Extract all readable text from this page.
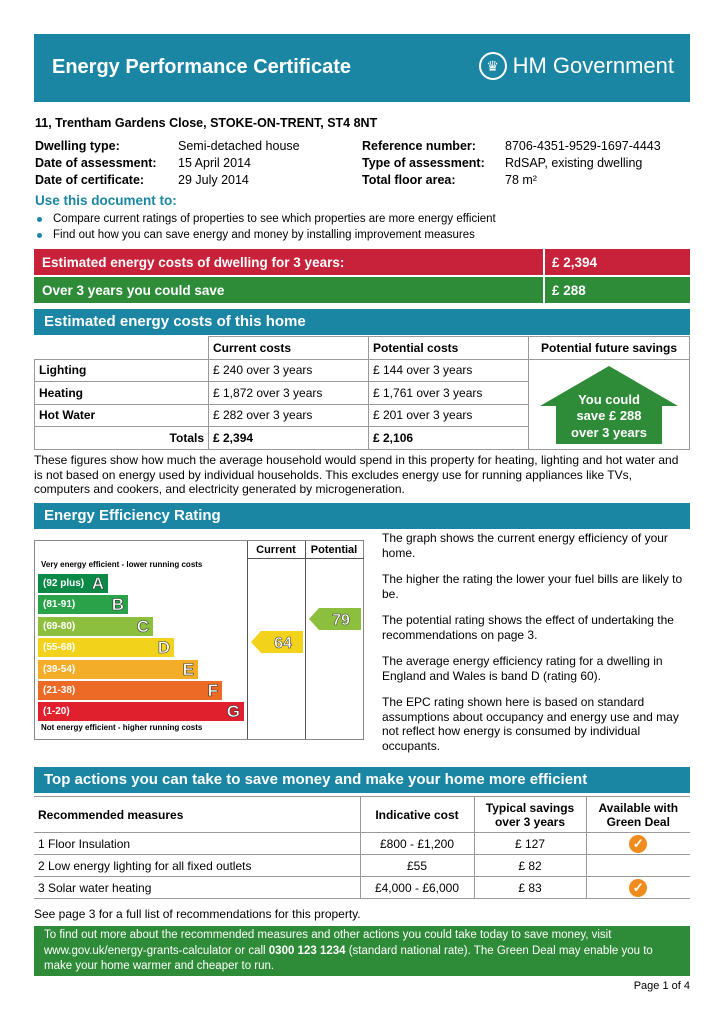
Energy Performance Certificate	♛ HM Government
11, Trentham Gardens Close, STOKE-ON-TRENT, ST4 8NT
Dwelling type:	Semi-detached house
Date of assessment: 15 April 2014
Date of certificate:	29 July 2014
Reference number: 8706-4351-9529-1697-4443
Type of assessment: RdSAP, existing dwelling
Total floor area:	78 m²
Use this document to:
Compare current ratings of properties to see which properties are more energy efficient
Find out how you can save energy and money by installing improvement measures
Estimated energy costs of dwelling for 3 years:	£ 2,394
Over 3 years you could save	£ 288
Estimated energy costs of this home
	Current costs	Potential costs	Potential future savings
Lighting	£ 240 over 3 years	£ 144 over 3 years	
Heating	£ 1,872 over 3 years	£ 1,761 over 3 years	
Hot Water	£ 282 over 3 years	£ 201 over 3 years	
Totals	£ 2,394	£ 2,106	
You could
save £ 288
over 3 years
These figures show how much the average household would spend in this property for heating, lighting and hot water and is not based on energy used by individual households. This excludes energy use for running appliances like TVs, computers and cookers, and electricity generated by microgeneration.
Energy Efficiency Rating
Current	Potential
Very energy efficient - lower running costs
(92 plus) A
(81-91) B
(69-80)	C
(55-68)	D
(39-54)	E
(21-38)	F
(1-20)	G
Not energy efficient - higher running costs
64
79

The graph shows the current energy efficiency of your home.

The higher the rating the lower your fuel bills are likely to be.

The potential rating shows the effect of undertaking the recommendations on page 3.

The average energy efficiency rating for a dwelling in England and Wales is band D (rating 60).

The EPC rating shown here is based on standard assumptions about occupancy and energy use and may not reflect how energy is consumed by individual occupants.

Top actions you can take to save money and make your home more efficient
Recommended measures	Indicative cost	Typical savings over 3 years	Available with Green Deal
1 Floor Insulation	£800 - £1,200	£ 127	✓
2 Low energy lighting for all fixed outlets	£55	£ 82	
3 Solar water heating	£4,000 - £6,000	£ 83	✓
See page 3 for a full list of recommendations for this property.
To find out more about the recommended measures and other actions you could take today to save money, visit www.gov.uk/energy-grants-calculator or call 0300 123 1234 (standard national rate). The Green Deal may enable you to make your home warmer and cheaper to run.
Page 1 of 4
